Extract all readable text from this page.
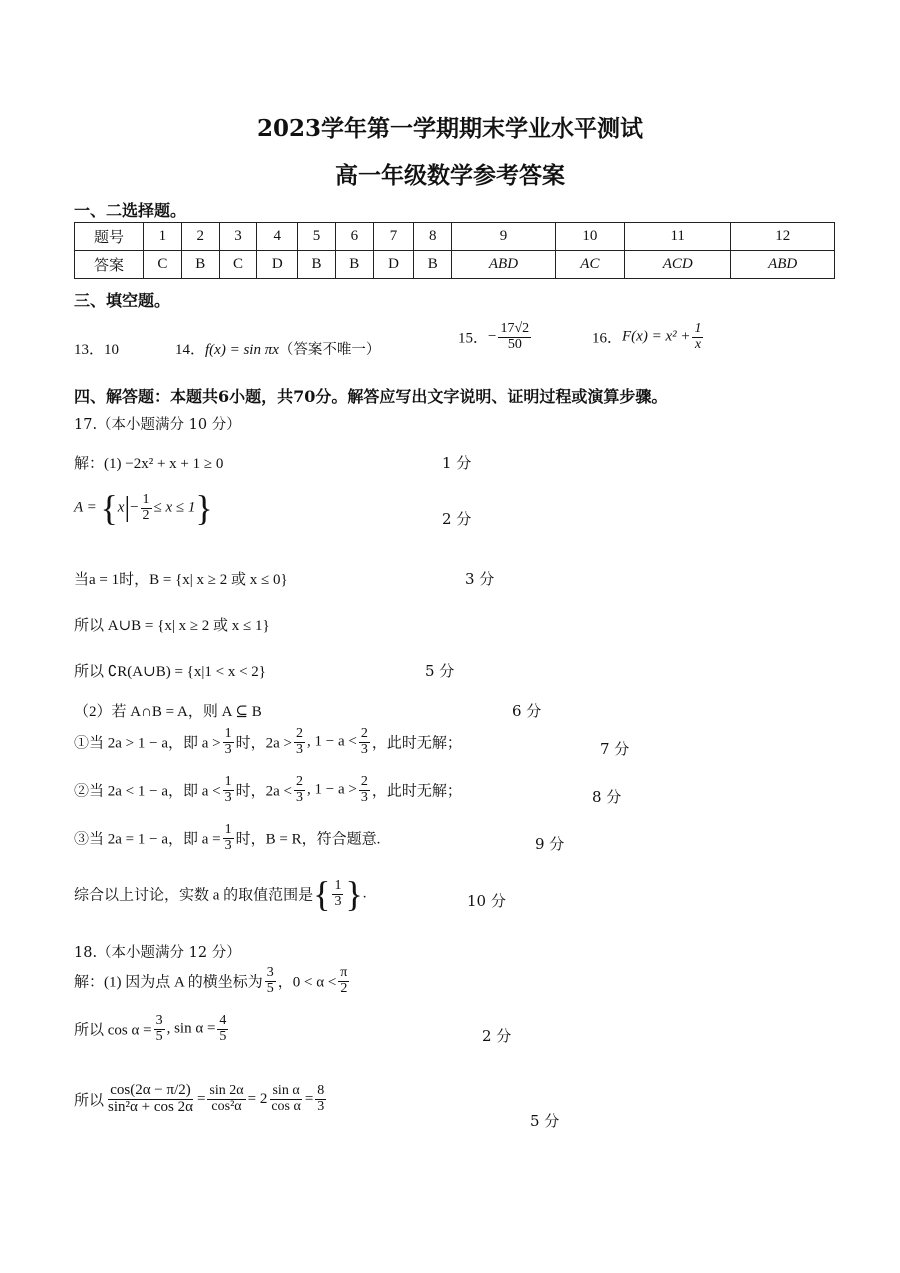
2023学年第一学期期末学业水平测试
高一年级数学参考答案
一、二选择题。
题号	1	2	3	4	5	6	7	8	9	10	11	12
答案	C	B	C	D	B	B	D	B	ABD	AC	ACD	ABD
三、填空题。
13．10	14．f(x) = sin πx（答案不唯一）
15．− $\frac{17√2}{50}$	16．$F(x) = x^2 + \frac{1}{x}$
四、解答题：本题共6小题，共70分。解答应写出文字说明、证明过程或演算步骤。
17.（本小题满分 10 分）
解：(1) −2x² + x + 1 ≥ 0	1 分
$A = \{x|- \frac{1}{2} \le x \le 1\}$	2 分
当a = 1时，B = {x| x ≥ 2 或 x ≤ 0}	3 分
所以 A∪B = {x| x ≥ 2 或 x ≤ 1}
所以 ∁R(A∪B) = {x|1 < x < 2}	5 分
（2）若 A∩B = A，则 A ⊆ B	6 分
①当 2a > 1 − a，即 $a > \frac{1}{3}$ 时，$2a > \frac{2}{3}$ , $1 - a < \frac{2}{3}$ ，此时无解；	7 分
②当 2a < 1 − a，即 $a < \frac{1}{3}$ 时，$2a < \frac{2}{3}$ , $1 - a > \frac{2}{3}$ ，此时无解；	8 分
③当 2a = 1 − a，即 $a = \frac{1}{3}$ 时，B = R，符合题意.	9 分
综合以上讨论，实数 a 的取值范围是{ $\frac{1}{3}$ }.	10 分
18.（本小题满分 12 分）
解：(1) 因为点 A 的横坐标为 $\frac{3}{5}$ ，$0 < \alpha < \frac{\pi}{2}$
所以 $\cos \alpha = \frac{3}{5}$ , $\sin \alpha = \frac{4}{5}$	2 分
所以 $\frac{\cos(2\alpha - \pi/2)}{\text{sin²α + cos 2α}} = \frac{\sin 2\alpha}{\text{cos²α}} = 2 \frac{\text{sin α}}{\text{cos α}} = \frac{8}{3}$
5 分
